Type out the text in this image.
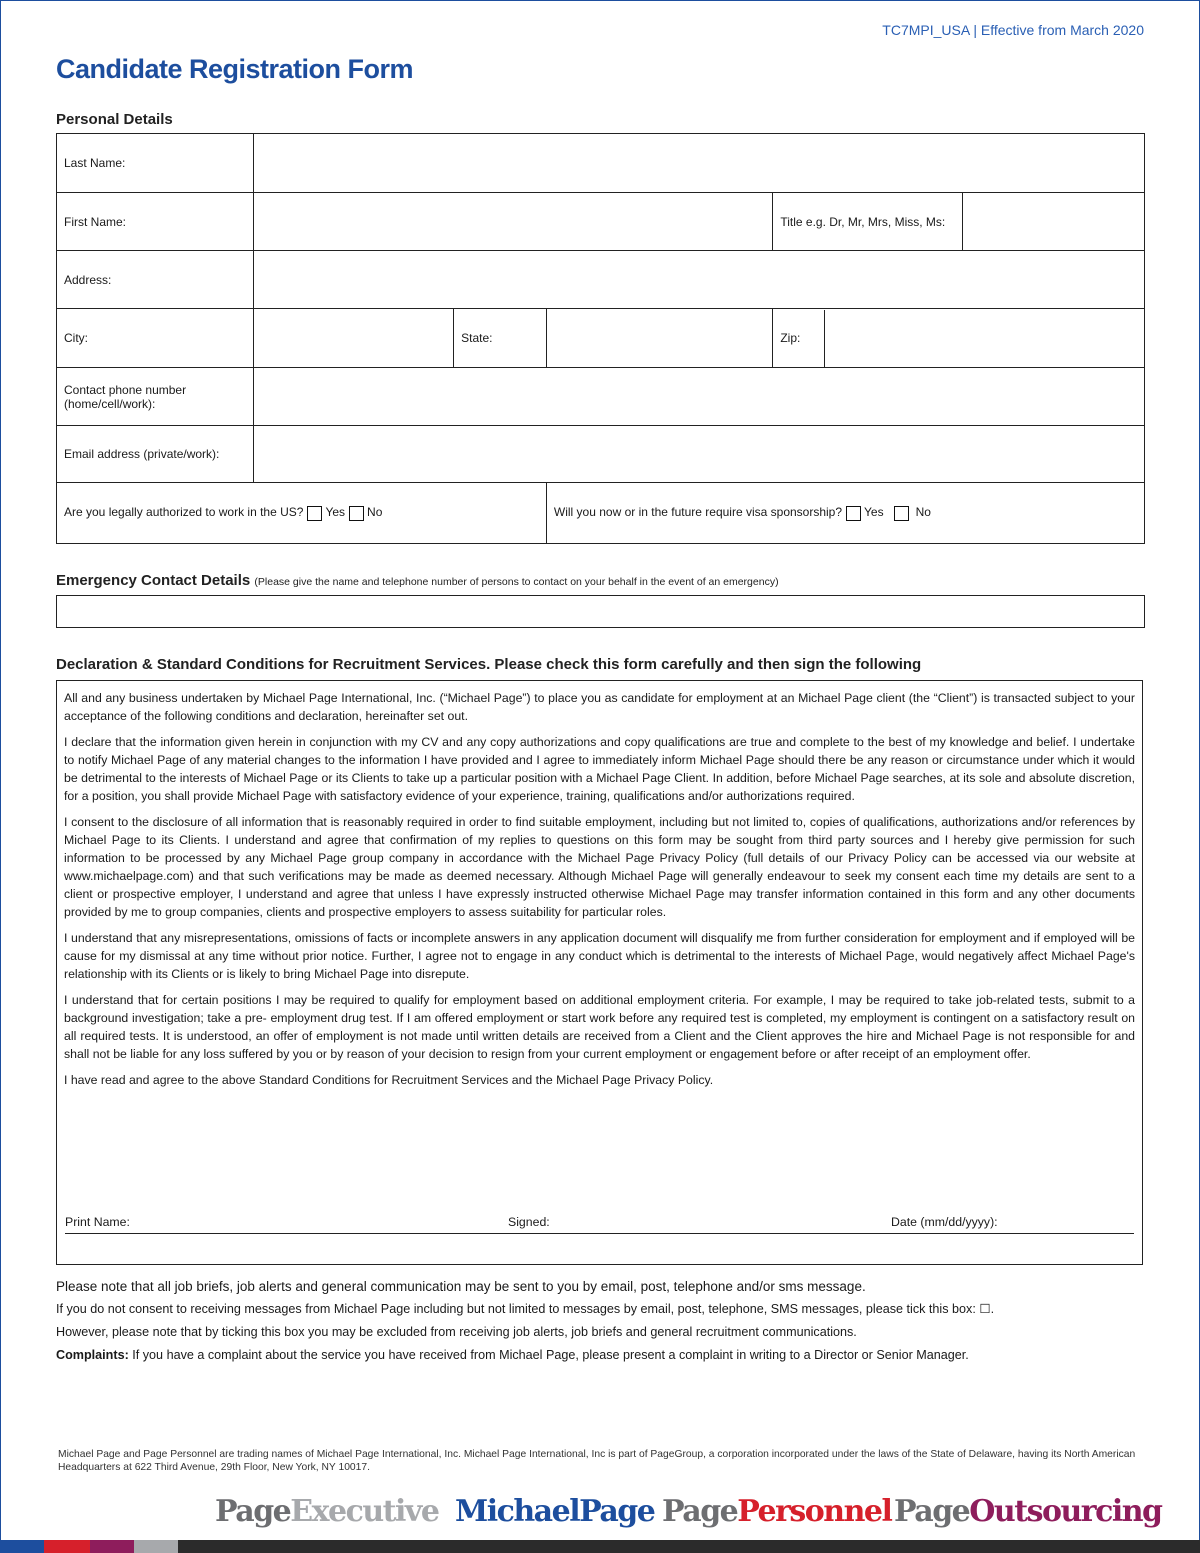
TC7MPI_USA | Effective from March 2020
Candidate Registration Form
Personal Details
Last Name:					
First Name:				Title e.g. Dr, Mr, Mrs, Miss, Ms:	
Address:					
City:		State:		Zip:	

Contact phone number
(home/cell/work):					

Email address (private/work):					
Are you legally authorized to work in the US? Yes No			Will you now or in the future require visa sponsorship? Yes No		
Emergency Contact Details (Please give the name and telephone number of persons to contact on your behalf in the event of an emergency)
Declaration & Standard Conditions for Recruitment Services. Please check this form carefully and then sign the following

All and any business undertaken by Michael Page International, Inc. (“Michael Page”) to place you as candidate for employment at an Michael Page client (the “Client”) is transacted subject to your acceptance of the following conditions and declaration, hereinafter set out.

I declare that the information given herein in conjunction with my CV and any copy authorizations and copy qualifications are true and complete to the best of my knowledge and belief. I undertake to notify Michael Page of any material changes to the information I have provided and I agree to immediately inform Michael Page should there be any reason or circumstance under which it would be detrimental to the interests of Michael Page or its Clients to take up a particular position with a Michael Page Client. In addition, before Michael Page searches, at its sole and absolute discretion, for a position, you shall provide Michael Page with satisfactory evidence of your experience, training, qualifications and/or authorizations required.

I consent to the disclosure of all information that is reasonably required in order to find suitable employment, including but not limited to, copies of qualifications, authorizations and/or references by Michael Page to its Clients. I understand and agree that confirmation of my replies to questions on this form may be sought from third party sources and I hereby give permission for such information to be processed by any Michael Page group company in accordance with the Michael Page Privacy Policy (full details of our Privacy Policy can be accessed via our website at www.michaelpage.com) and that such verifications may be made as deemed necessary. Although Michael Page will generally endeavour to seek my consent each time my details are sent to a client or prospective employer, I understand and agree that unless I have expressly instructed otherwise Michael Page may transfer information contained in this form and any other documents provided by me to group companies, clients and prospective employers to assess suitability for particular roles.

I understand that any misrepresentations, omissions of facts or incomplete answers in any application document will disqualify me from further consideration for employment and if employed will be cause for my dismissal at any time without prior notice. Further, I agree not to engage in any conduct which is detrimental to the interests of Michael Page, would negatively affect Michael Page's relationship with its Clients or is likely to bring Michael Page into disrepute.

I understand that for certain positions I may be required to qualify for employment based on additional employment criteria. For example, I may be required to take job-related tests, submit to a background investigation; take a pre- employment drug test. If I am offered employment or start work before any required test is completed, my employment is contingent on a satisfactory result on all required tests. It is understood, an offer of employment is not made until written details are received from a Client and the Client approves the hire and Michael Page is not responsible for and shall not be liable for any loss suffered by you or by reason of your decision to resign from your current employment or engagement before or after receipt of an employment offer.

I have read and agree to the above Standard Conditions for Recruitment Services and the Michael Page Privacy Policy.

Print Name:	Signed:	Date (mm/dd/yyyy):

Please note that all job briefs, job alerts and general communication may be sent to you by email, post, telephone and/or sms message.

If you do not consent to receiving messages from Michael Page including but not limited to messages by email, post, telephone, SMS messages, please tick this box: ☐.

However, please note that by ticking this box you may be excluded from receiving job alerts, job briefs and general recruitment communications.

Complaints: If you have a complaint about the service you have received from Michael Page, please present a complaint in writing to a Director or Senior Manager.

Michael Page and Page Personnel are trading names of Michael Page International, Inc. Michael Page International, Inc is part of PageGroup, a corporation incorporated under the laws of the State of Delaware, having its North American Headquarters at 622 Third Avenue, 29th Floor, New York, NY 10017.
PageExecutive MichaelPage PagePersonnel PageOutsourcing
